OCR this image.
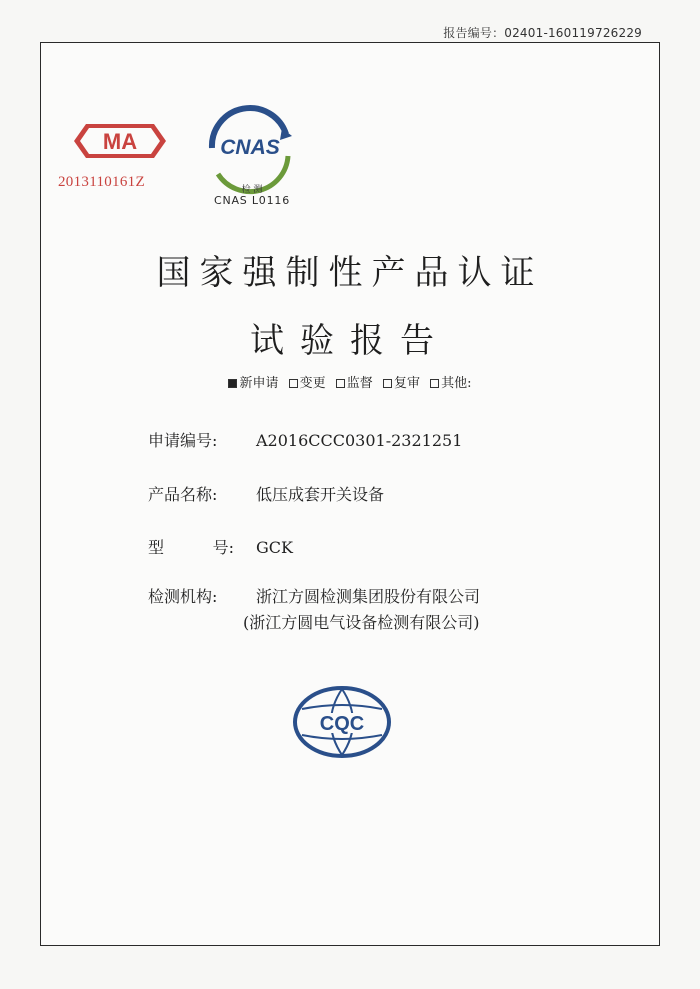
报告编号：02401-160119726229
MA
2013110161Z
CNAS
检 测
CNAS L0116
国家强制性产品认证
试验报告
新申请 变更 监督 复审 其他:
申请编号: A2016CCC0301-2321251
产品名称: 低压成套开关设备
型	号: GCK
检测机构: 浙江方圆检测集团股份有限公司
(浙江方圆电气设备检测有限公司)
CQC
